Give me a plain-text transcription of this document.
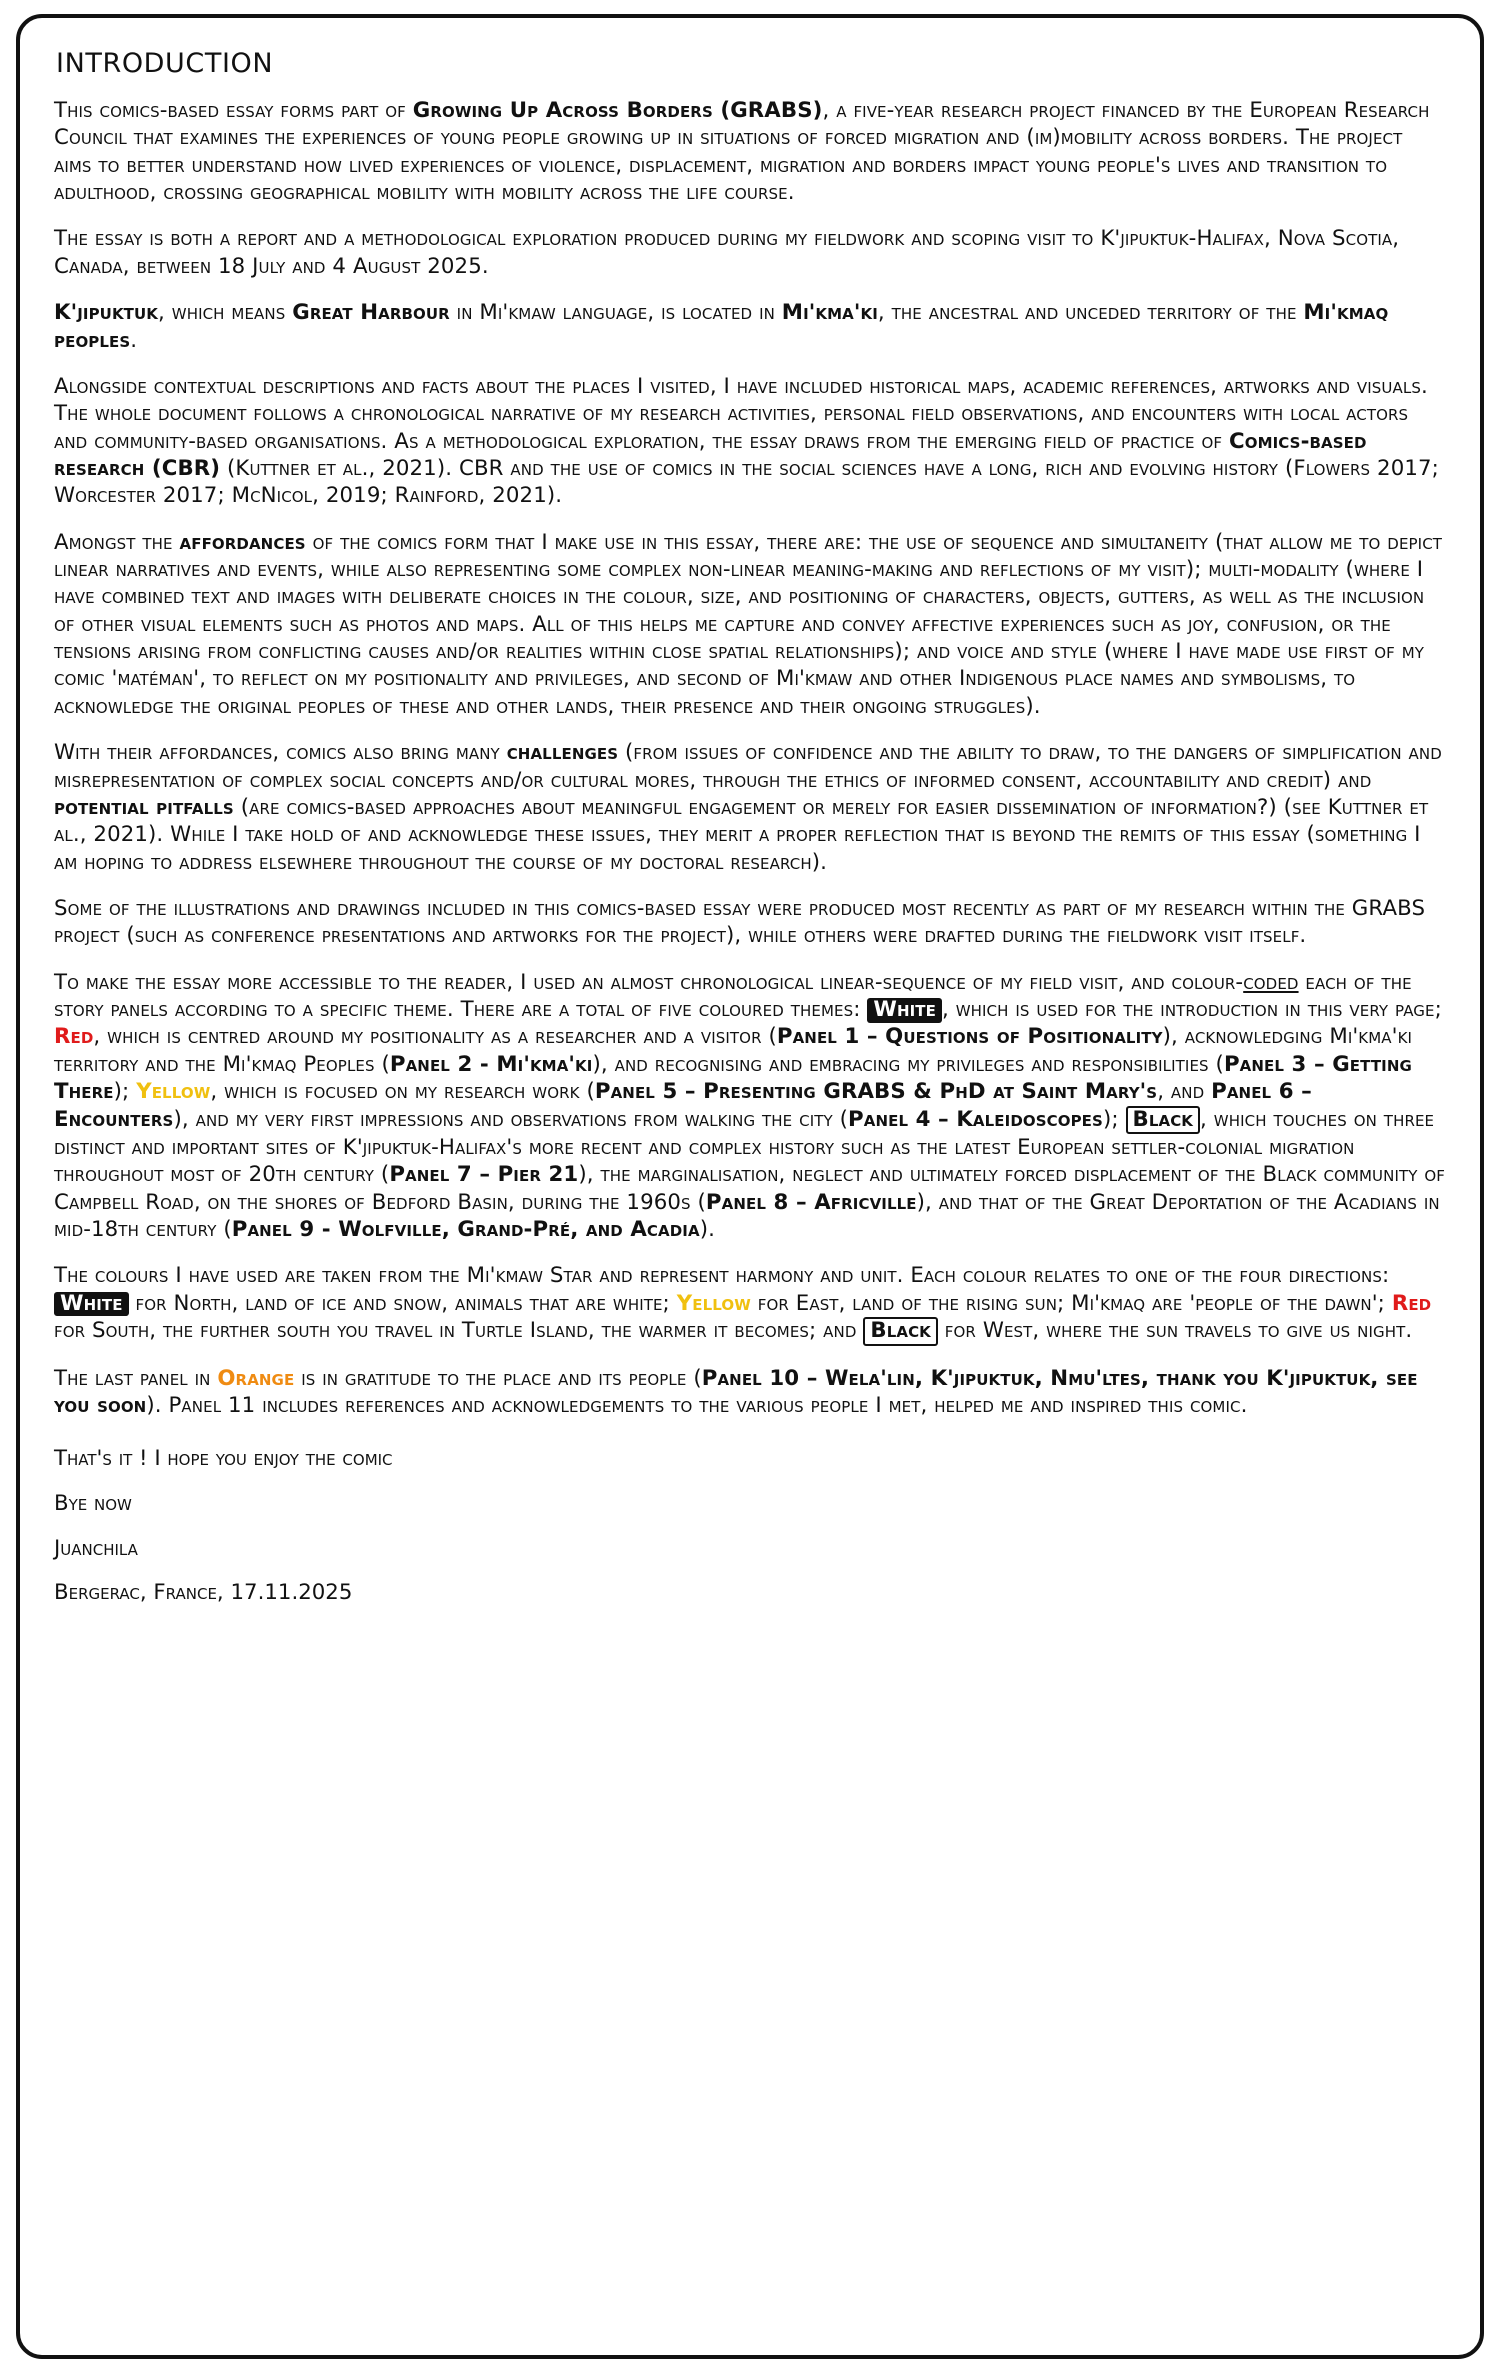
INTRODUCTION

This comics-based essay forms part of Growing Up Across Borders (GRABS), a five-year research project financed by the European Research Council that examines the experiences of young people growing up in situations of forced migration and (im)mobility across borders. The project aims to better understand how lived experiences of violence, displacement, migration and borders impact young people's lives and transition to adulthood, crossing geographical mobility with mobility across the life course.

The essay is both a report and a methodological exploration produced during my fieldwork and scoping visit to K'jipuktuk-Halifax, Nova Scotia, Canada, between 18 July and 4 August 2025.

K'jipuktuk, which means Great Harbour in Mi'kmaw language, is located in Mi'kma'ki, the ancestral and unceded territory of the Mi'kmaq peoples.

Alongside contextual descriptions and facts about the places I visited, I have included historical maps, academic references, artworks and visuals. The whole document follows a chronological narrative of my research activities, personal field observations, and encounters with local actors and community-based organisations. As a methodological exploration, the essay draws from the emerging field of practice of Comics-based research (CBR) (Kuttner et al., 2021). CBR and the use of comics in the social sciences have a long, rich and evolving history (Flowers 2017; Worcester 2017; McNicol, 2019; Rainford, 2021).

Amongst the affordances of the comics form that I make use in this essay, there are: the use of sequence and simultaneity (that allow me to depict linear narratives and events, while also representing some complex non-linear meaning-making and reflections of my visit); multi-modality (where I have combined text and images with deliberate choices in the colour, size, and positioning of characters, objects, gutters, as well as the inclusion of other visual elements such as photos and maps. All of this helps me capture and convey affective experiences such as joy, confusion, or the tensions arising from conflicting causes and/or realities within close spatial relationships); and voice and style (where I have made use first of my comic 'matéman', to reflect on my positionality and privileges, and second of Mi'kmaw and other Indigenous place names and symbolisms, to acknowledge the original peoples of these and other lands, their presence and their ongoing struggles).

With their affordances, comics also bring many challenges (from issues of confidence and the ability to draw, to the dangers of simplification and misrepresentation of complex social concepts and/or cultural mores, through the ethics of informed consent, accountability and credit) and potential pitfalls (are comics-based approaches about meaningful engagement or merely for easier dissemination of information?) (see Kuttner et al., 2021). While I take hold of and acknowledge these issues, they merit a proper reflection that is beyond the remits of this essay (something I am hoping to address elsewhere throughout the course of my doctoral research).

Some of the illustrations and drawings included in this comics-based essay were produced most recently as part of my research within the GRABS project (such as conference presentations and artworks for the project), while others were drafted during the fieldwork visit itself.

To make the essay more accessible to the reader, I used an almost chronological linear-sequence of my field visit, and colour-coded each of the story panels according to a specific theme. There are a total of five coloured themes: White , which is used for the introduction in this very page; Red, which is centred around my positionality as a researcher and a visitor (Panel 1 – Questions of Positionality), acknowledging Mi'kma'ki territory and the Mi'kmaq Peoples (Panel 2 - Mi'kma'ki), and recognising and embracing my privileges and responsibilities (Panel 3 – Getting There); Yellow, which is focused on my research work (Panel 5 – Presenting GRABS & PhD at Saint Mary's, and Panel 6 – Encounters), and my very first impressions and observations from walking the city (Panel 4 – Kaleidoscopes); Black , which touches on three distinct and important sites of K'jipuktuk-Halifax's more recent and complex history such as the latest European settler-colonial migration throughout most of 20th century (Panel 7 – Pier 21), the marginalisation, neglect and ultimately forced displacement of the Black community of Campbell Road, on the shores of Bedford Basin, during the 1960s (Panel 8 – Africville), and that of the Great Deportation of the Acadians in mid-18th century (Panel 9 - Wolfville, Grand-Pré, and Acadia).

The colours I have used are taken from the Mi'kmaw Star and represent harmony and unit. Each colour relates to one of the four directions: White for North, land of ice and snow, animals that are white; Yellow for East, land of the rising sun; Mi'kmaq are 'people of the dawn'; Red for South, the further south you travel in Turtle Island, the warmer it becomes; and Black for West, where the sun travels to give us night.

The last panel in Orange is in gratitude to the place and its people (Panel 10 – Wela'lin, K'jipuktuk, Nmu'ltes, thank you K'jipuktuk, see you soon). Panel 11 includes references and acknowledgements to the various people I met, helped me and inspired this comic.

That's it ! I hope you enjoy the comic

Bye now

Juanchila

Bergerac, France, 17.11.2025
